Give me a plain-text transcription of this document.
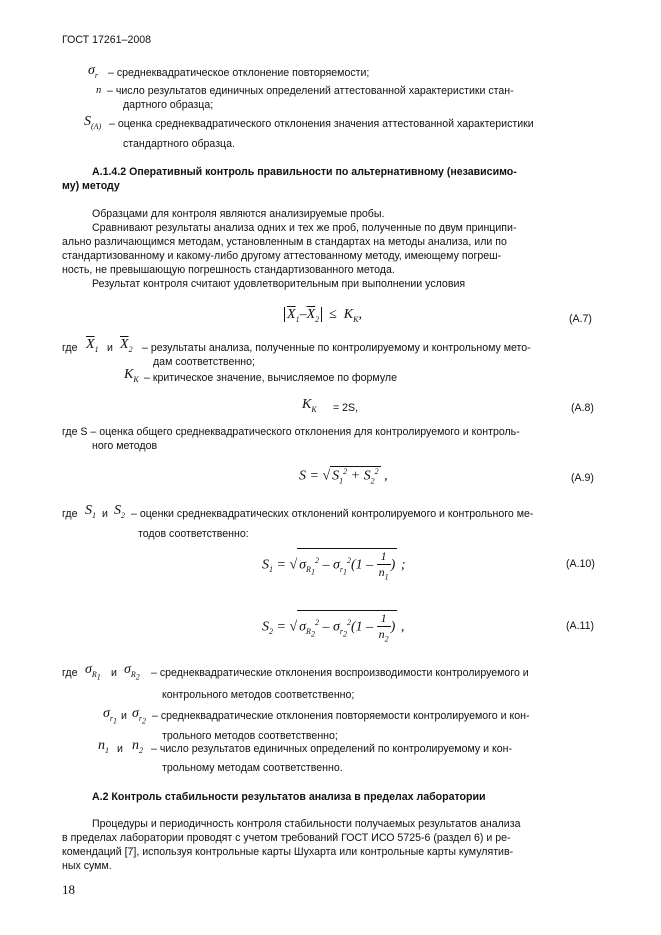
ГОСТ 17261–2008
$\sigma_r$ – среднеквадратическое отклонение повторяемости;
n – число результатов единичных определений аттестованной характеристики стан-
дартного образца;
$S_{(А)}$ – оценка среднеквадратического отклонения значения аттестованной характеристики
стандартного образца.
А.1.4.2 Оперативный контроль правильности по альтернативному (независимо-
му) методу
Образцами для контроля являются анализируемые пробы.
Сравнивают результаты анализа одних и тех же проб, полученные по двум принципи-
ально различающимся методам, установленным в стандартах на методы анализа, или по
стандартизованному и какому-либо другому аттестованному методу, имеющему погреш-
ность, не превышающую погрешность стандартизованного метода.
Результат контроля считают удовлетворительным при выполнении условия
$\overline{X}_1-\overline{X}_2 \le K_К$,	(А.7)
где $\overline{X}_1$ и $\overline{X}_2$ – результаты анализа, полученные по контролируемому и контрольному мето-
дам соответственно;
$K_К$ – критическое значение, вычисляемое по формуле
$K_К = 2S$,	(А.8)
где S – оценка общего среднеквадратического отклонения для контролируемого и контроль-
ного методов
S = √ $S_1^2 + S_2^2$ ,	(А.9)
где $S_1$ и $S_2$ – оценки среднеквадратических отклонений контролируемого и контрольного ме-
тодов соответственно:
$S_1$ = √ $\sigma_{R_1}^2 - \sigma_{r_1}^2(1 - \frac{1}{n_1}$ ) ;	(А.10)
$S_2$ = √ $\sigma_{R_2}^2 - \sigma_{r_2}^2(1 - \frac{1}{n_2}$ ) ,	(А.11)
где $\sigma_{R_1}$ и $\sigma_{R_2}$ – среднеквадратические отклонения воспроизводимости контролируемого и
контрольного методов соответственно;
$\sigma_{r_1}$ и $\sigma_{r_2}$ – среднеквадратические отклонения повторяемости контролируемого и кон-
трольного методов соответственно;
$n_1$ и $n_2$ – число результатов единичных определений по контролируемому и кон-
трольному методам соответственно.
А.2 Контроль стабильности результатов анализа в пределах лаборатории
Процедуры и периодичность контроля стабильности получаемых результатов анализа
в пределах лаборатории проводят с учетом требований ГОСТ ИСО 5725-6 (раздел 6) и ре-
комендаций [7], используя контрольные карты Шухарта или контрольные карты кумулятив-
ных сумм.
18
